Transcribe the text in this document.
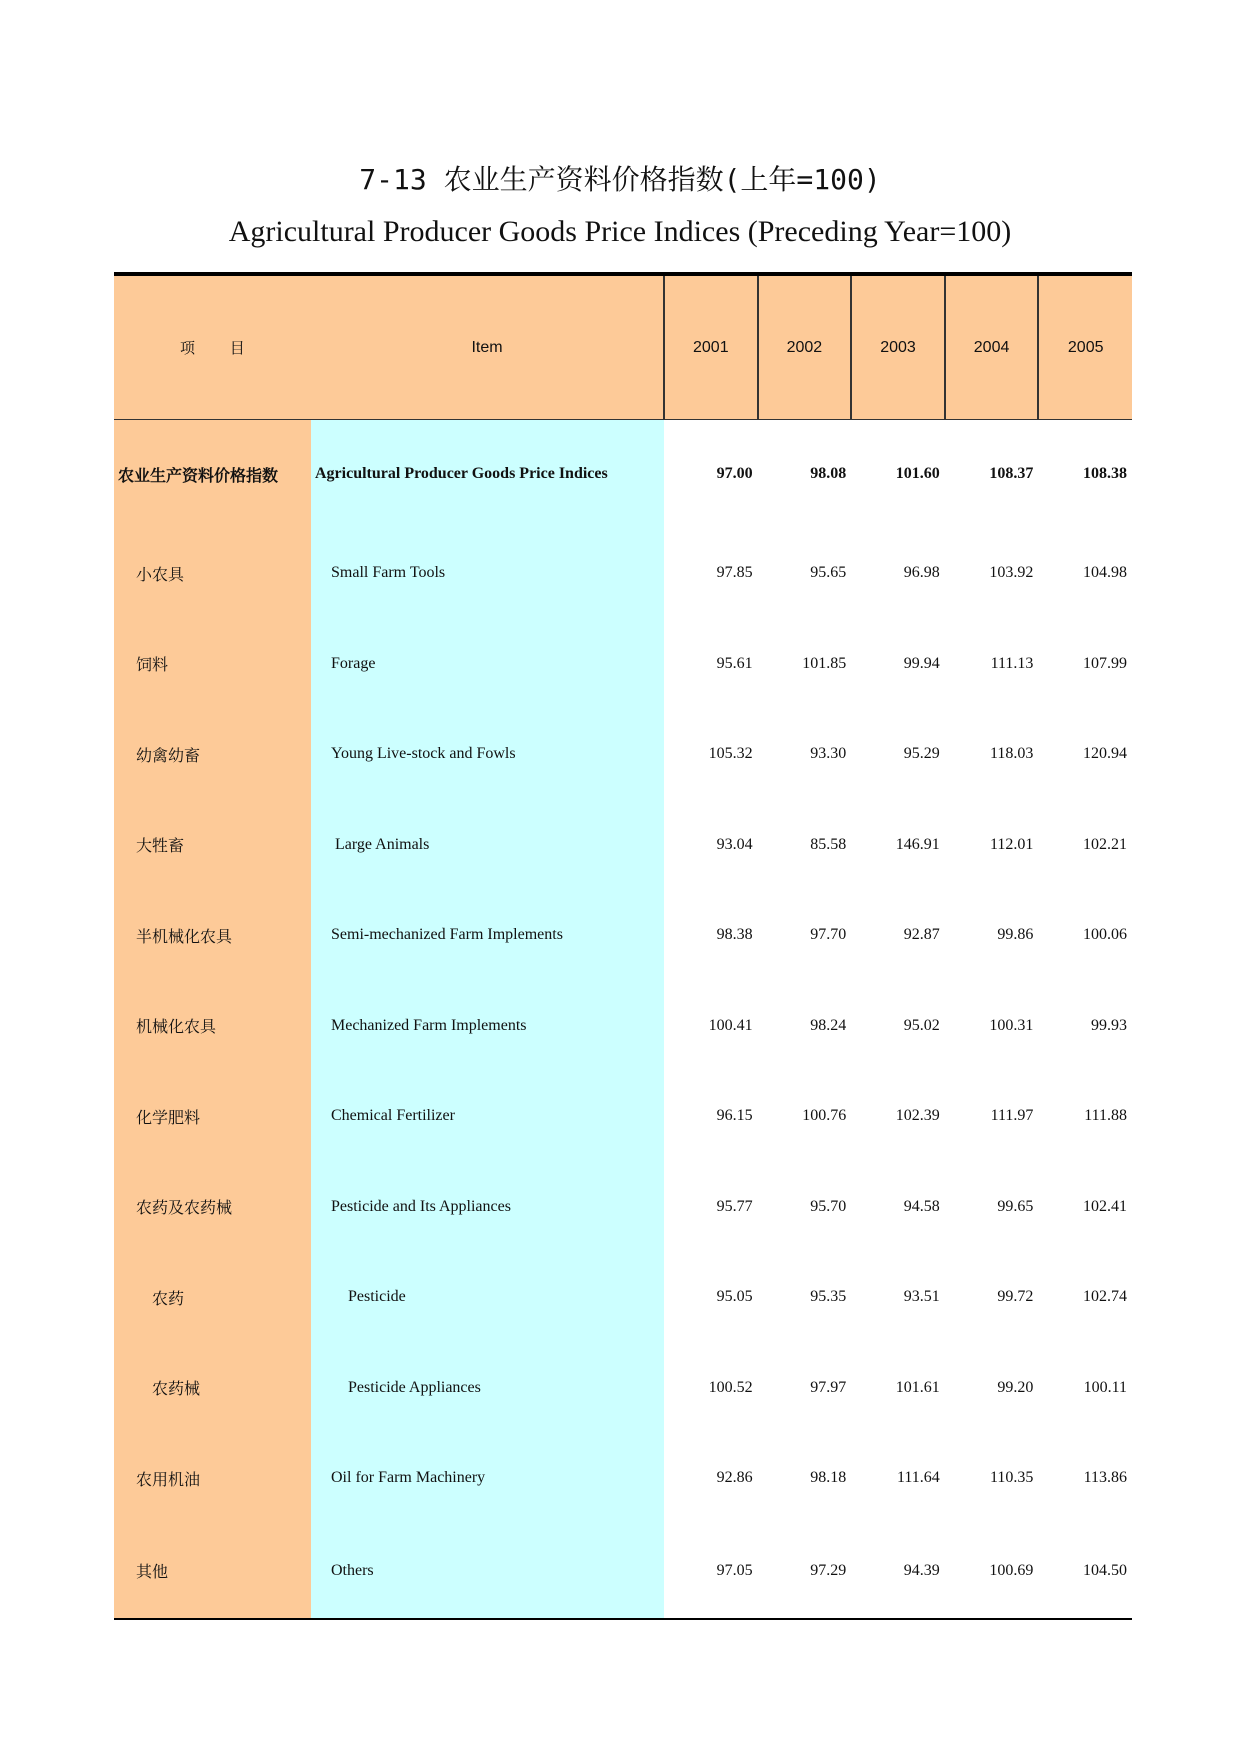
7-13 农业生产资料价格指数(上年=100)
Agricultural Producer Goods Price Indices (Preceding Year=100)
项 目	Item	2001	2002	2003	2004	2005
农业生产资料价格指数	Agricultural Producer Goods Price Indices	97.00	98.08	101.60	108.37	108.38
小农具	Small Farm Tools	97.85	95.65	96.98	103.92	104.98
饲料	Forage	95.61	101.85	99.94	111.13	107.99
幼禽幼畜	Young Live-stock and Fowls	105.32	93.30	95.29	118.03	120.94
大牲畜	Large Animals	93.04	85.58	146.91	112.01	102.21
半机械化农具	Semi-mechanized Farm Implements	98.38	97.70	92.87	99.86	100.06
机械化农具	Mechanized Farm Implements	100.41	98.24	95.02	100.31	99.93
化学肥料	Chemical Fertilizer	96.15	100.76	102.39	111.97	111.88
农药及农药械	Pesticide and Its Appliances	95.77	95.70	94.58	99.65	102.41
农药	Pesticide	95.05	95.35	93.51	99.72	102.74
农药械	Pesticide Appliances	100.52	97.97	101.61	99.20	100.11
农用机油	Oil for Farm Machinery	92.86	98.18	111.64	110.35	113.86
其他	Others	97.05	97.29	94.39	100.69	104.50
